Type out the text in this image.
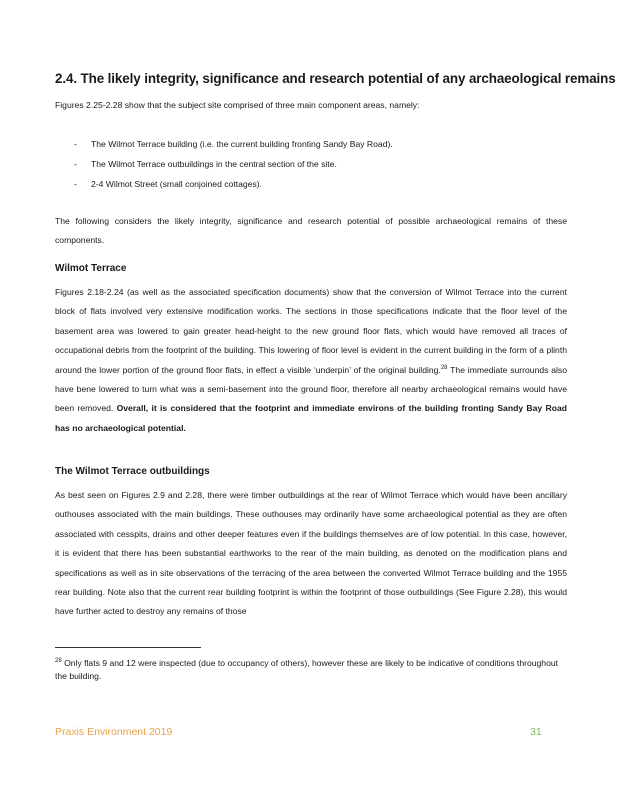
2.4. The likely integrity, significance and research potential of any archaeological remains
Figures 2.25-2.28 show that the subject site comprised of three main component areas, namely:
-	The Wilmot Terrace building (i.e. the current building fronting Sandy Bay Road).
-	The Wilmot Terrace outbuildings in the central section of the site.
-	2-4 Wilmot Street (small conjoined cottages).
The following considers the likely integrity, significance and research potential of possible archaeological remains of these components.
Wilmot Terrace
Figures 2.18-2.24 (as well as the associated specification documents) show that the conversion of Wilmot Terrace into the current block of flats involved very extensive modification works. The sections in those specifications indicate that the floor level of the basement area was lowered to gain greater head-height to the new ground floor flats, which would have removed all traces of occupational debris from the footprint of the building. This lowering of floor level is evident in the current building in the form of a plinth around the lower portion of the ground floor flats, in effect a visible ‘underpin’ of the original building.$^{28}$ The immediate surrounds also have bene lowered to turn what was a semi-basement into the ground floor, therefore all nearby archaeological remains would have been removed. Overall, it is considered that the footprint and immediate environs of the building fronting Sandy Bay Road has no archaeological potential.
The Wilmot Terrace outbuildings
As best seen on Figures 2.9 and 2.28, there were timber outbuildings at the rear of Wilmot Terrace which would have been ancillary outhouses associated with the main buildings. These outhouses may ordinarily have some archaeological potential as they are often associated with cesspits, drains and other deeper features even if the buildings themselves are of low potential. In this case, however, it is evident that there has been substantial earthworks to the rear of the main building, as denoted on the modification plans and specifications as well as in site observations of the terracing of the area between the converted Wilmot Terrace building and the 1955 rear building. Note also that the current rear building footprint is within the footprint of those outbuildings (See Figure 2.28), this would have further acted to destroy any remains of those
$^{28}$ Only flats 9 and 12 were inspected (due to occupancy of others), however these are likely to be indicative of conditions throughout the building.
Praxis Environment 2019	31
